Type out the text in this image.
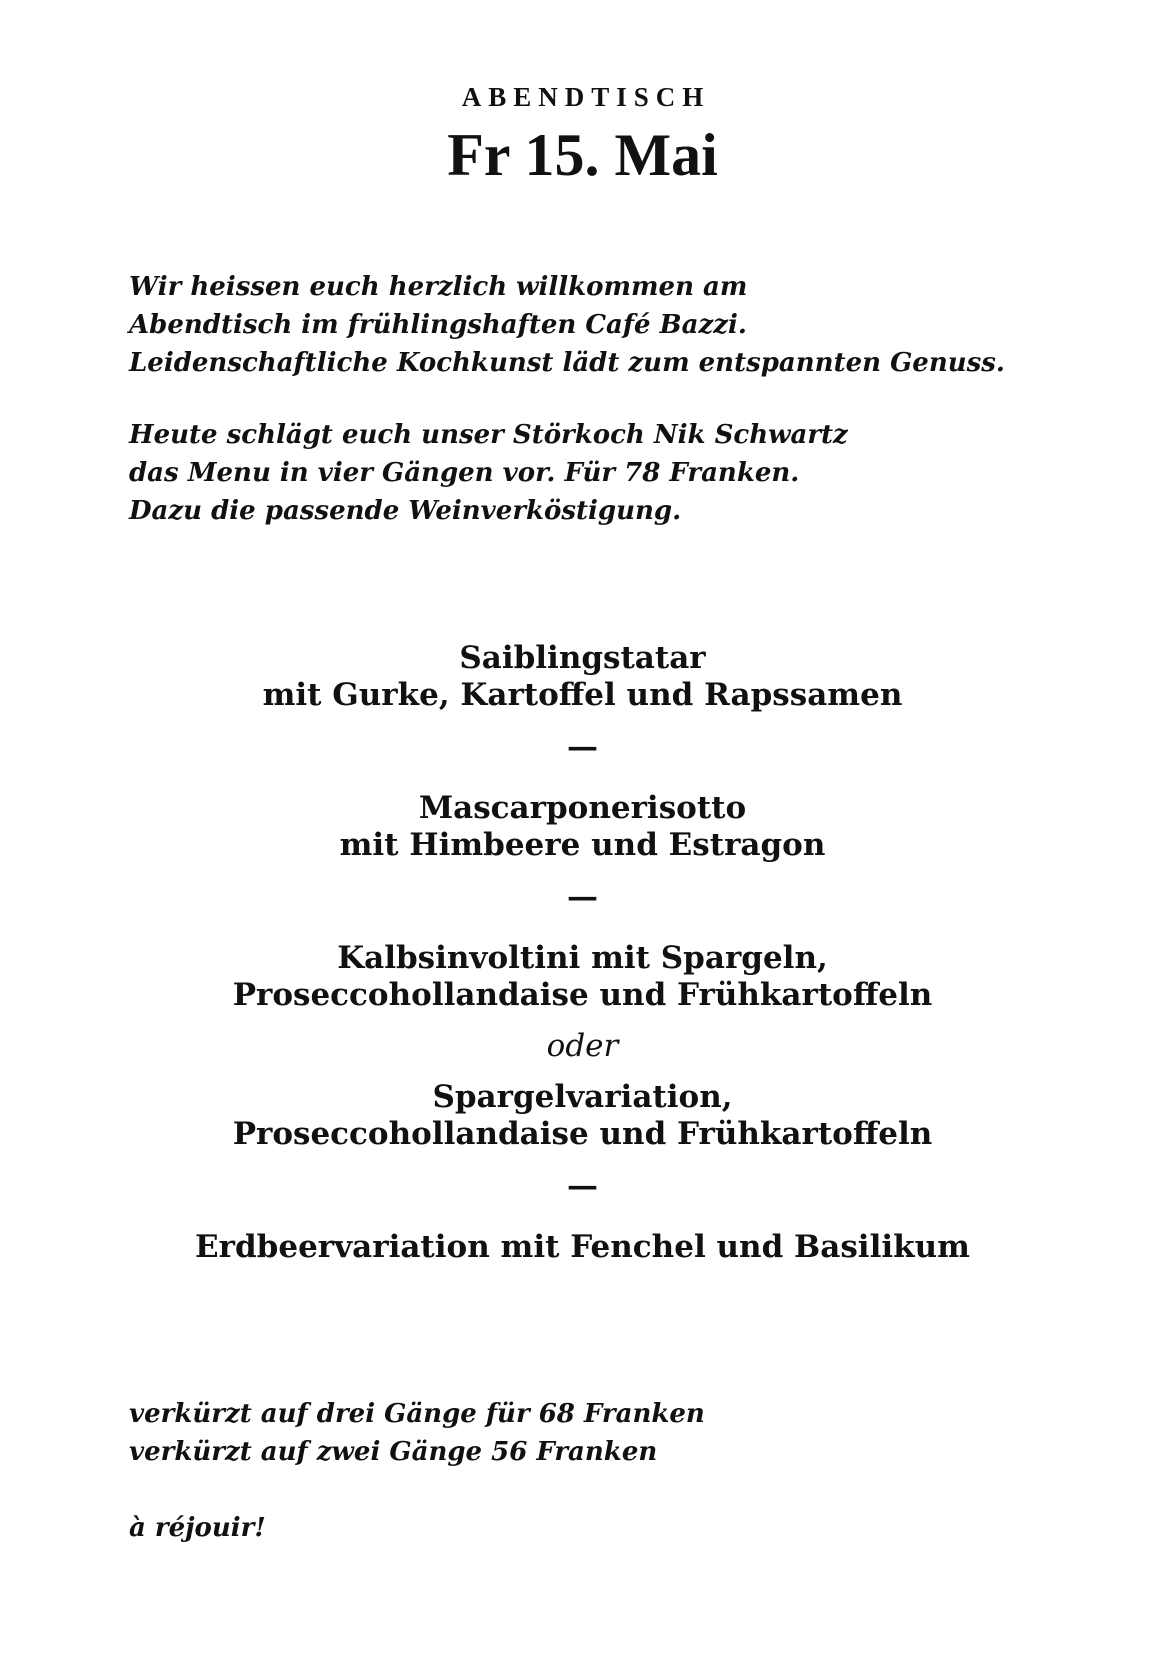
ABENDTISCH
Fr 15. Mai

Wir heissen euch herzlich willkommen am
Abendtisch im frühlingshaften Café Bazzi.
Leidenschaftliche Kochkunst lädt zum entspannten Genuss.

Heute schlägt euch unser Störkoch Nik Schwartz
das Menu in vier Gängen vor. Für 78 Franken.
Dazu die passende Weinverköstigung.

Saiblingstatar
mit Gurke, Kartoffel und Rapssamen
—
Mascarponerisotto
mit Himbeere und Estragon
—
Kalbsinvoltini mit Spargeln,
Proseccohollandaise und Frühkartoffeln
oder
Spargelvariation,
Proseccohollandaise und Frühkartoffeln
—
Erdbeervariation mit Fenchel und Basilikum
verkürzt auf drei Gänge für 68 Franken
verkürzt auf zwei Gänge 56 Franken
à réjouir!
